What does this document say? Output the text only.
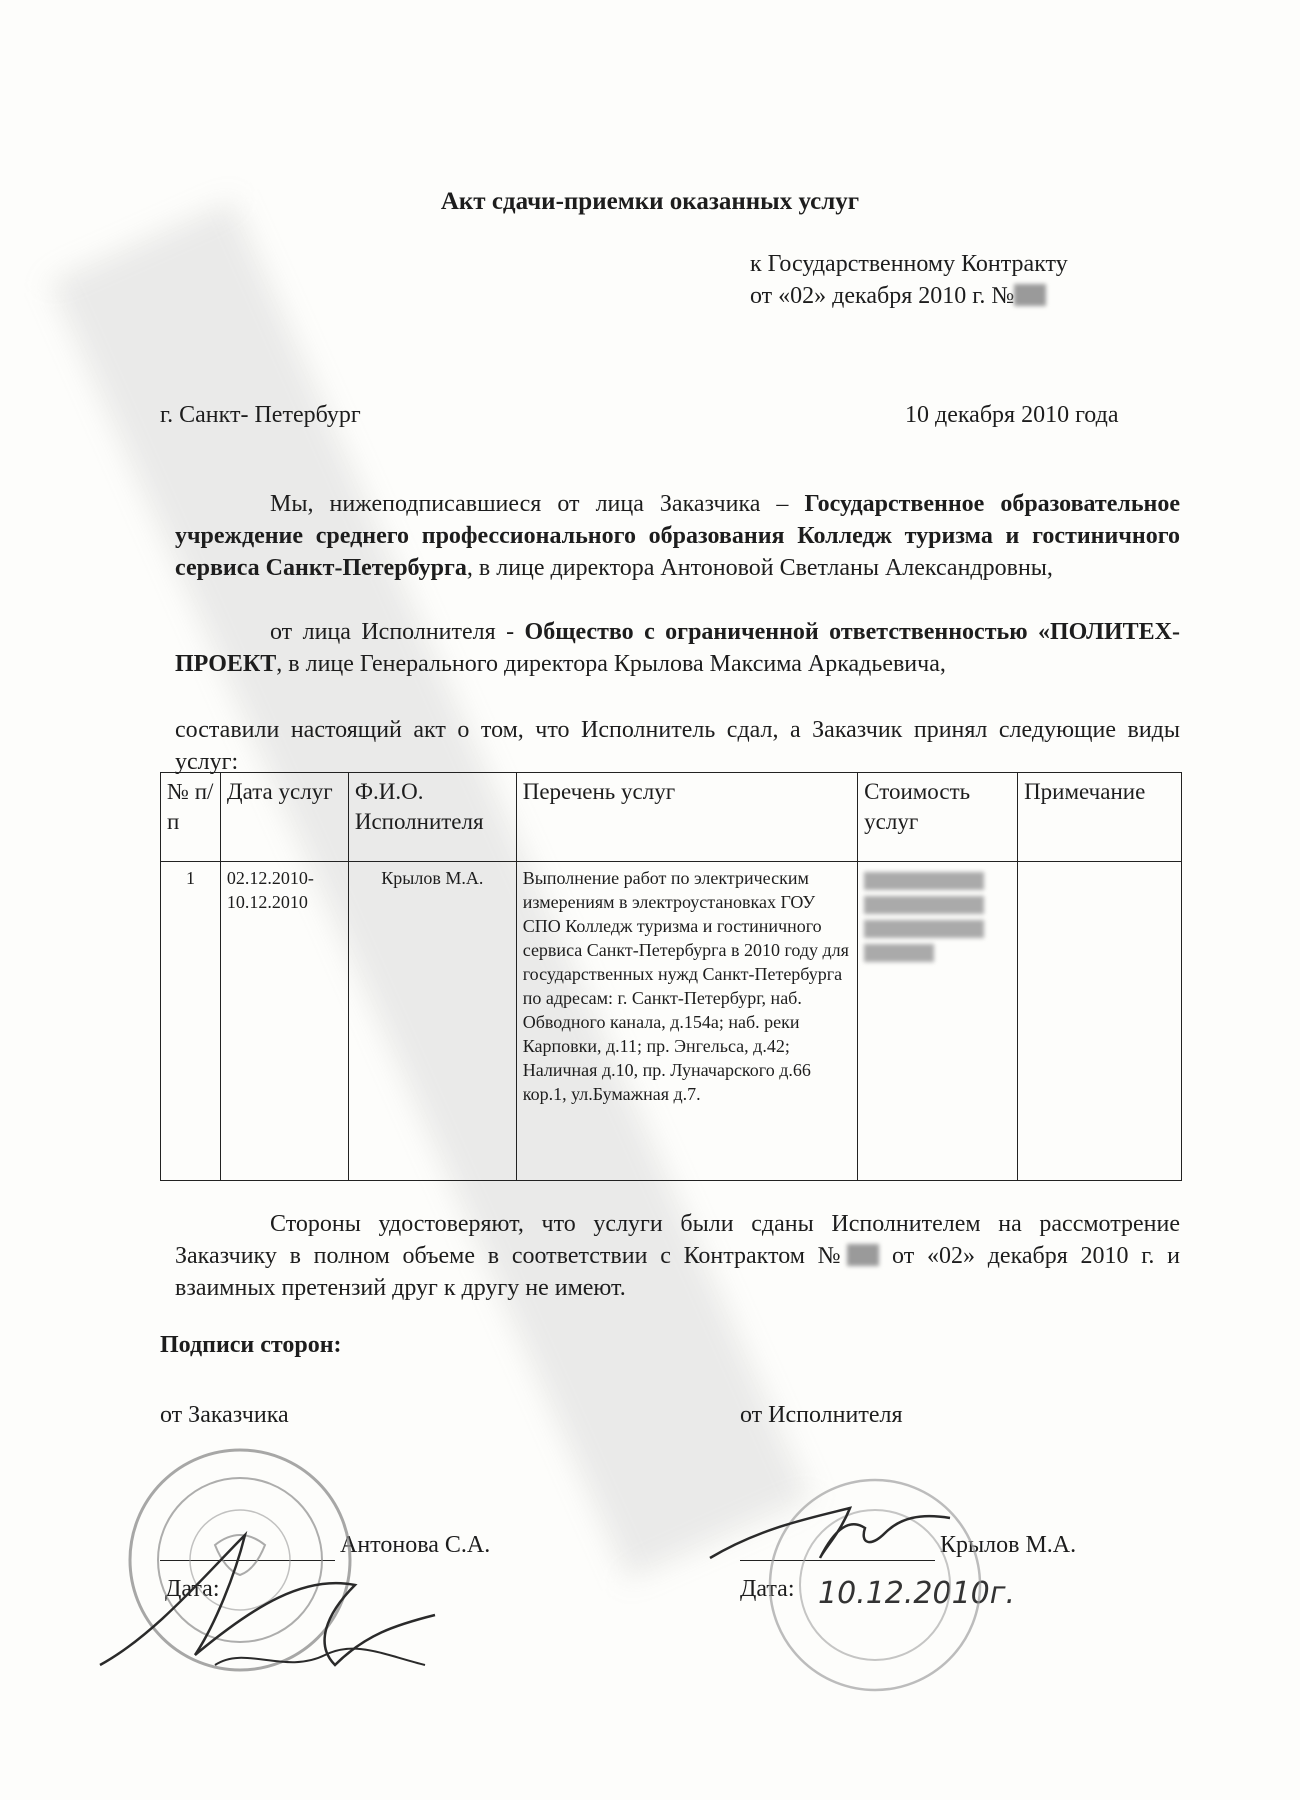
Акт сдачи-приемки оказанных услуг
к Государственному Контракту
от «02» декабря 2010 г. №
г. Санкт- Петербург	10 декабря 2010 года
Мы, нижеподписавшиеся от лица Заказчика – Государственное образовательное учреждение среднего профессионального образования Колледж туризма и гостиничного сервиса Санкт-Петербурга, в лице директора Антоновой Светланы Александровны,
от лица Исполнителя - Общество с ограниченной ответственностью «ПОЛИТЕХ-ПРОЕКТ, в лице Генерального директора Крылова Максима Аркадьевича,
составили настоящий акт о том, что Исполнитель сдал, а Заказчик принял следующие виды услуг:
№ п/п	Дата услуг	Ф.И.О. Исполнителя	Перечень услуг	Стоимость услуг	Примечание
1	02.12.2010-10.12.2010	Крылов М.А.	Выполнение работ по электрическим измерениям в электроустановках ГОУ СПО Колледж туризма и гостиничного сервиса Санкт-Петербурга в 2010 году для государственных нужд Санкт-Петербурга по адресам: г. Санкт-Петербург, наб. Обводного канала, д.154а; наб. реки Карповки, д.11; пр. Энгельса, д.42; Наличная д.10, пр. Луначарского д.66 кор.1, ул.Бумажная д.7.	

Стороны удостоверяют, что услуги были сданы Исполнителем на рассмотрение Заказчику в полном объеме в соответствии с Контрактом № от «02» декабря 2010 г. и взаимных претензий друг к другу не имеют.
Подписи сторон:
от Заказчика	от Исполнителя
Антонова С.А.
Дата:
Крылов М.А.
Дата: 10.12.2010г.
